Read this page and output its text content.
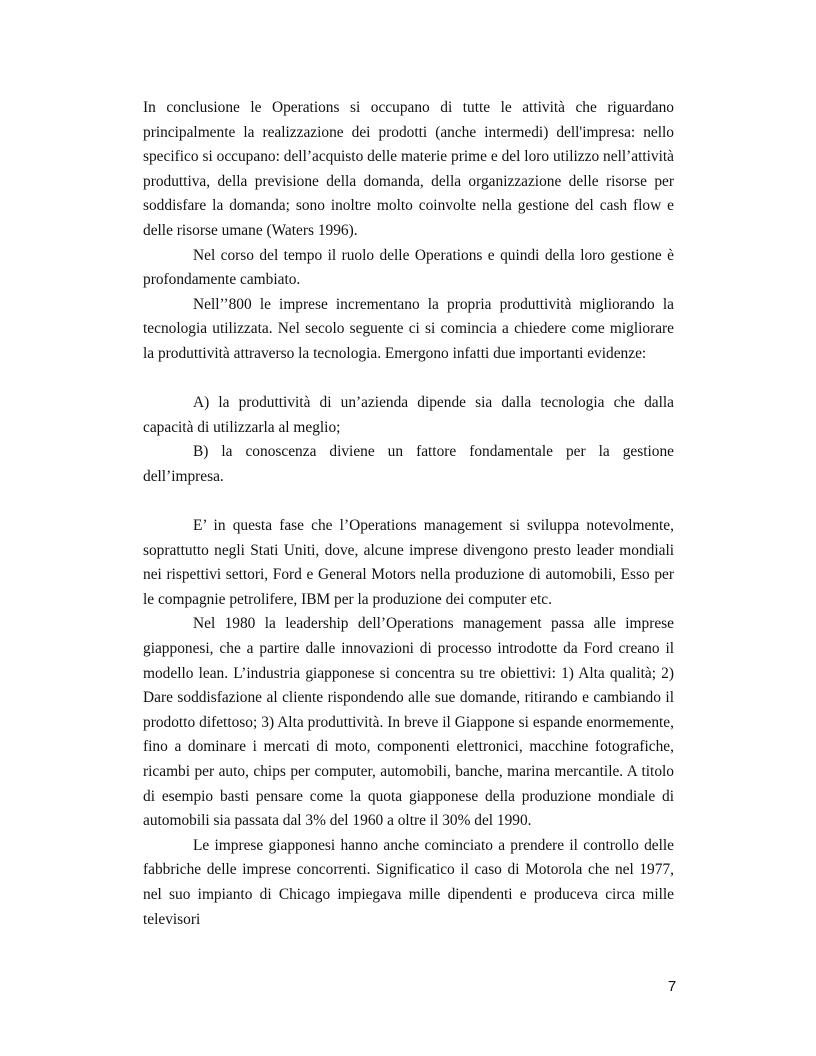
In conclusione le Operations si occupano di tutte le attività che riguardano principalmente la realizzazione dei prodotti (anche intermedi) dell'impresa: nello specifico si occupano: dell’acquisto delle materie prime e del loro utilizzo nell’attività produttiva, della previsione della domanda, della organizzazione delle risorse per soddisfare la domanda; sono inoltre molto coinvolte nella gestione del cash flow e delle risorse umane (Waters 1996).

Nel corso del tempo il ruolo delle Operations e quindi della loro gestione è profondamente cambiato.

Nell’’800 le imprese incrementano la propria produttività migliorando la tecnologia utilizzata. Nel secolo seguente ci si comincia a chiedere come migliorare la produttività attraverso la tecnologia. Emergono infatti due importanti evidenze:

A) la produttività di un’azienda dipende sia dalla tecnologia che dalla capacità di utilizzarla al meglio;

B) la conoscenza diviene un fattore fondamentale per la gestione dell’impresa.

E’ in questa fase che l’Operations management si sviluppa notevolmente, soprattutto negli Stati Uniti, dove, alcune imprese divengono presto leader mondiali nei rispettivi settori, Ford e General Motors nella produzione di automobili, Esso per le compagnie petrolifere, IBM per la produzione dei computer etc.

Nel 1980 la leadership dell’Operations management passa alle imprese giapponesi, che a partire dalle innovazioni di processo introdotte da Ford creano il modello lean. L’industria giapponese si concentra su tre obiettivi: 1) Alta qualità; 2) Dare soddisfazione al cliente rispondendo alle sue domande, ritirando e cambiando il prodotto difettoso; 3) Alta produttività. In breve il Giappone si espande enormemente, fino a dominare i mercati di moto, componenti elettronici, macchine fotografiche, ricambi per auto, chips per computer, automobili, banche, marina mercantile. A titolo di esempio basti pensare come la quota giapponese della produzione mondiale di automobili sia passata dal 3% del 1960 a oltre il 30% del 1990.

Le imprese giapponesi hanno anche cominciato a prendere il controllo delle fabbriche delle imprese concorrenti. Significatico il caso di Motorola che nel 1977, nel suo impianto di Chicago impiegava mille dipendenti e produceva circa mille televisori

7
